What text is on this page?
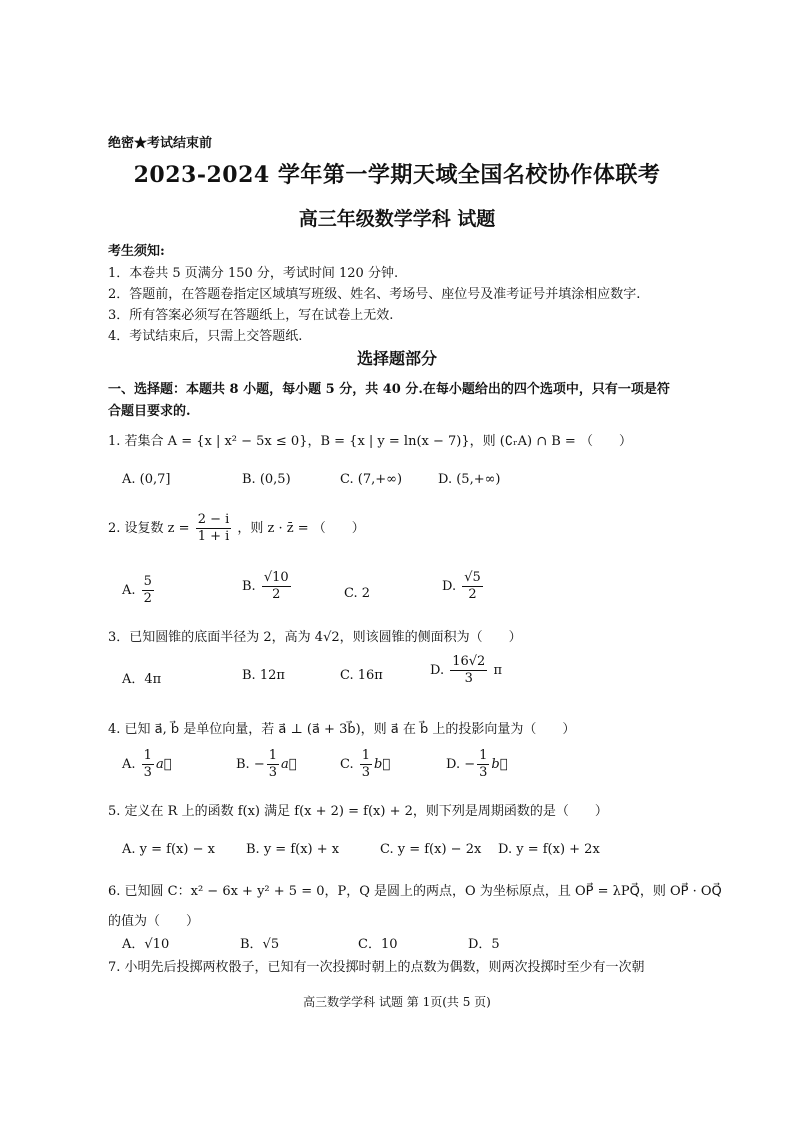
绝密★考试结束前
2023-2024 学年第一学期天域全国名校协作体联考
高三年级数学学科 试题
考生须知:
1．本卷共 5 页满分 150 分，考试时间 120 分钟.
2．答题前，在答题卷指定区域填写班级、姓名、考场号、座位号及准考证号并填涂相应数字.
3．所有答案必须写在答题纸上，写在试卷上无效.
4．考试结束后，只需上交答题纸.
选择题部分
一、选择题：本题共 8 小题，每小题 5 分，共 40 分.在每小题给出的四个选项中，只有一项是符
合题目要求的.
1. 若集合 A = {x | x² − 5x ≤ 0}，B = {x | y = ln(x − 7)}，则 (∁ᵣA) ∩ B = （　　）
A. (0,7]	B. (0,5)	C. (7,+∞)	D. (5,+∞)
2. 设复数 $z = \frac{2 - i}{1 + i}$ ，则 z · z̄ = （　　）
A. $\frac{5}{2}$	B. $\frac{√10}{2}$	C. 2	D. $\frac{√5}{2}$
3．已知圆锥的底面半径为 2，高为 4√2，则该圆锥的侧面积为（　　）
A．4π	B. 12π	C. 16π	D. $\frac{16√2}{3}$ π
4. 已知 a⃗, b⃗ 是单位向量，若 a⃗ ⊥ (a⃗ + 3b⃗)，则 a⃗ 在 b⃗ 上的投影向量为（　　）
A. $\frac{1}{3}$ a⃗	B. − $\frac{1}{3}$ a⃗	C. $\frac{1}{3}$ b⃗	D. − $\frac{1}{3}$ b⃗
5. 定义在 R 上的函数 f(x) 满足 f(x + 2) = f(x) + 2，则下列是周期函数的是（　　）
A. y = f(x) − x B. y = f(x) + x	C. y = f(x) − 2x D. y = f(x) + 2x
6. 已知圆 C：x² − 6x + y² + 5 = 0，P，Q 是圆上的两点，O 为坐标原点，且 OP⃗ = λPQ⃗，则 OP⃗ · OQ⃗
的值为（　　）
A．√10	B．√5	C．10	D．5
7. 小明先后投掷两枚骰子，已知有一次投掷时朝上的点数为偶数，则两次投掷时至少有一次朝
高三数学学科 试题 第 1页(共 5 页)
